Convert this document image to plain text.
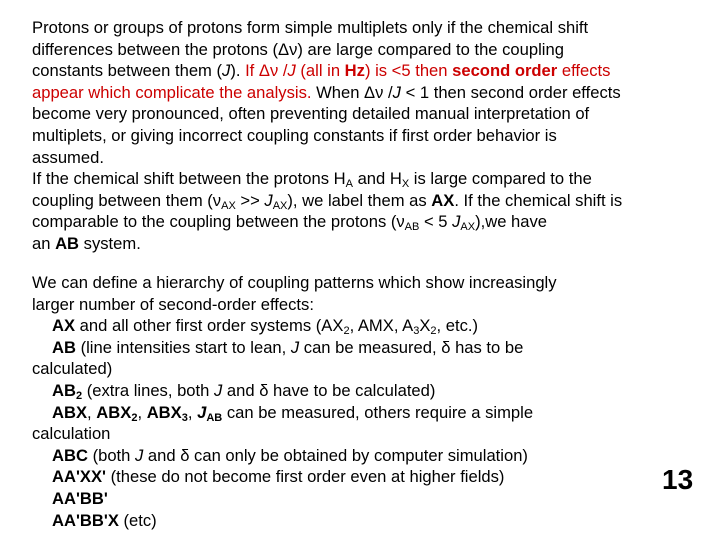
Protons or groups of protons form simple multiplets only if the chemical shift
differences between the protons (Δν) are large compared to the coupling
constants between them (J). If Δν /J (all in Hz) is <5 then second order effects
appear which complicate the analysis. When Δν /J < 1 then second order effects
become very pronounced, often preventing detailed manual interpretation of
multiplets, or giving incorrect coupling constants if first order behavior is
assumed.
If the chemical shift between the protons $H_A$ and $H_X$ is large compared to the
coupling between them $(\nu_{AX} >> J_{AX})$, we label them as AX. If the chemical shift is
comparable to the coupling between the protons ($\nu_{AB} < 5$ $J_{AX}),we$ have
an AB system.
We can define a hierarchy of coupling patterns which show increasingly
larger number of second-order effects:
AX and all other first order systems ($AX_2$, AMX, $A_3X_2$, etc.)
AB (line intensities start to lean, J can be measured, δ has to be
calculated)
$AB_2$ (extra lines, both J and δ have to be calculated)
ABX, $ABX_2$, $ABX_3$, $J_{AB}$ can be measured, others require a simple
calculation
ABC (both J and δ can only be obtained by computer simulation)
AA'XX' (these do not become first order even at higher fields)
AA'BB'
AA'BB'X (etc)
13
